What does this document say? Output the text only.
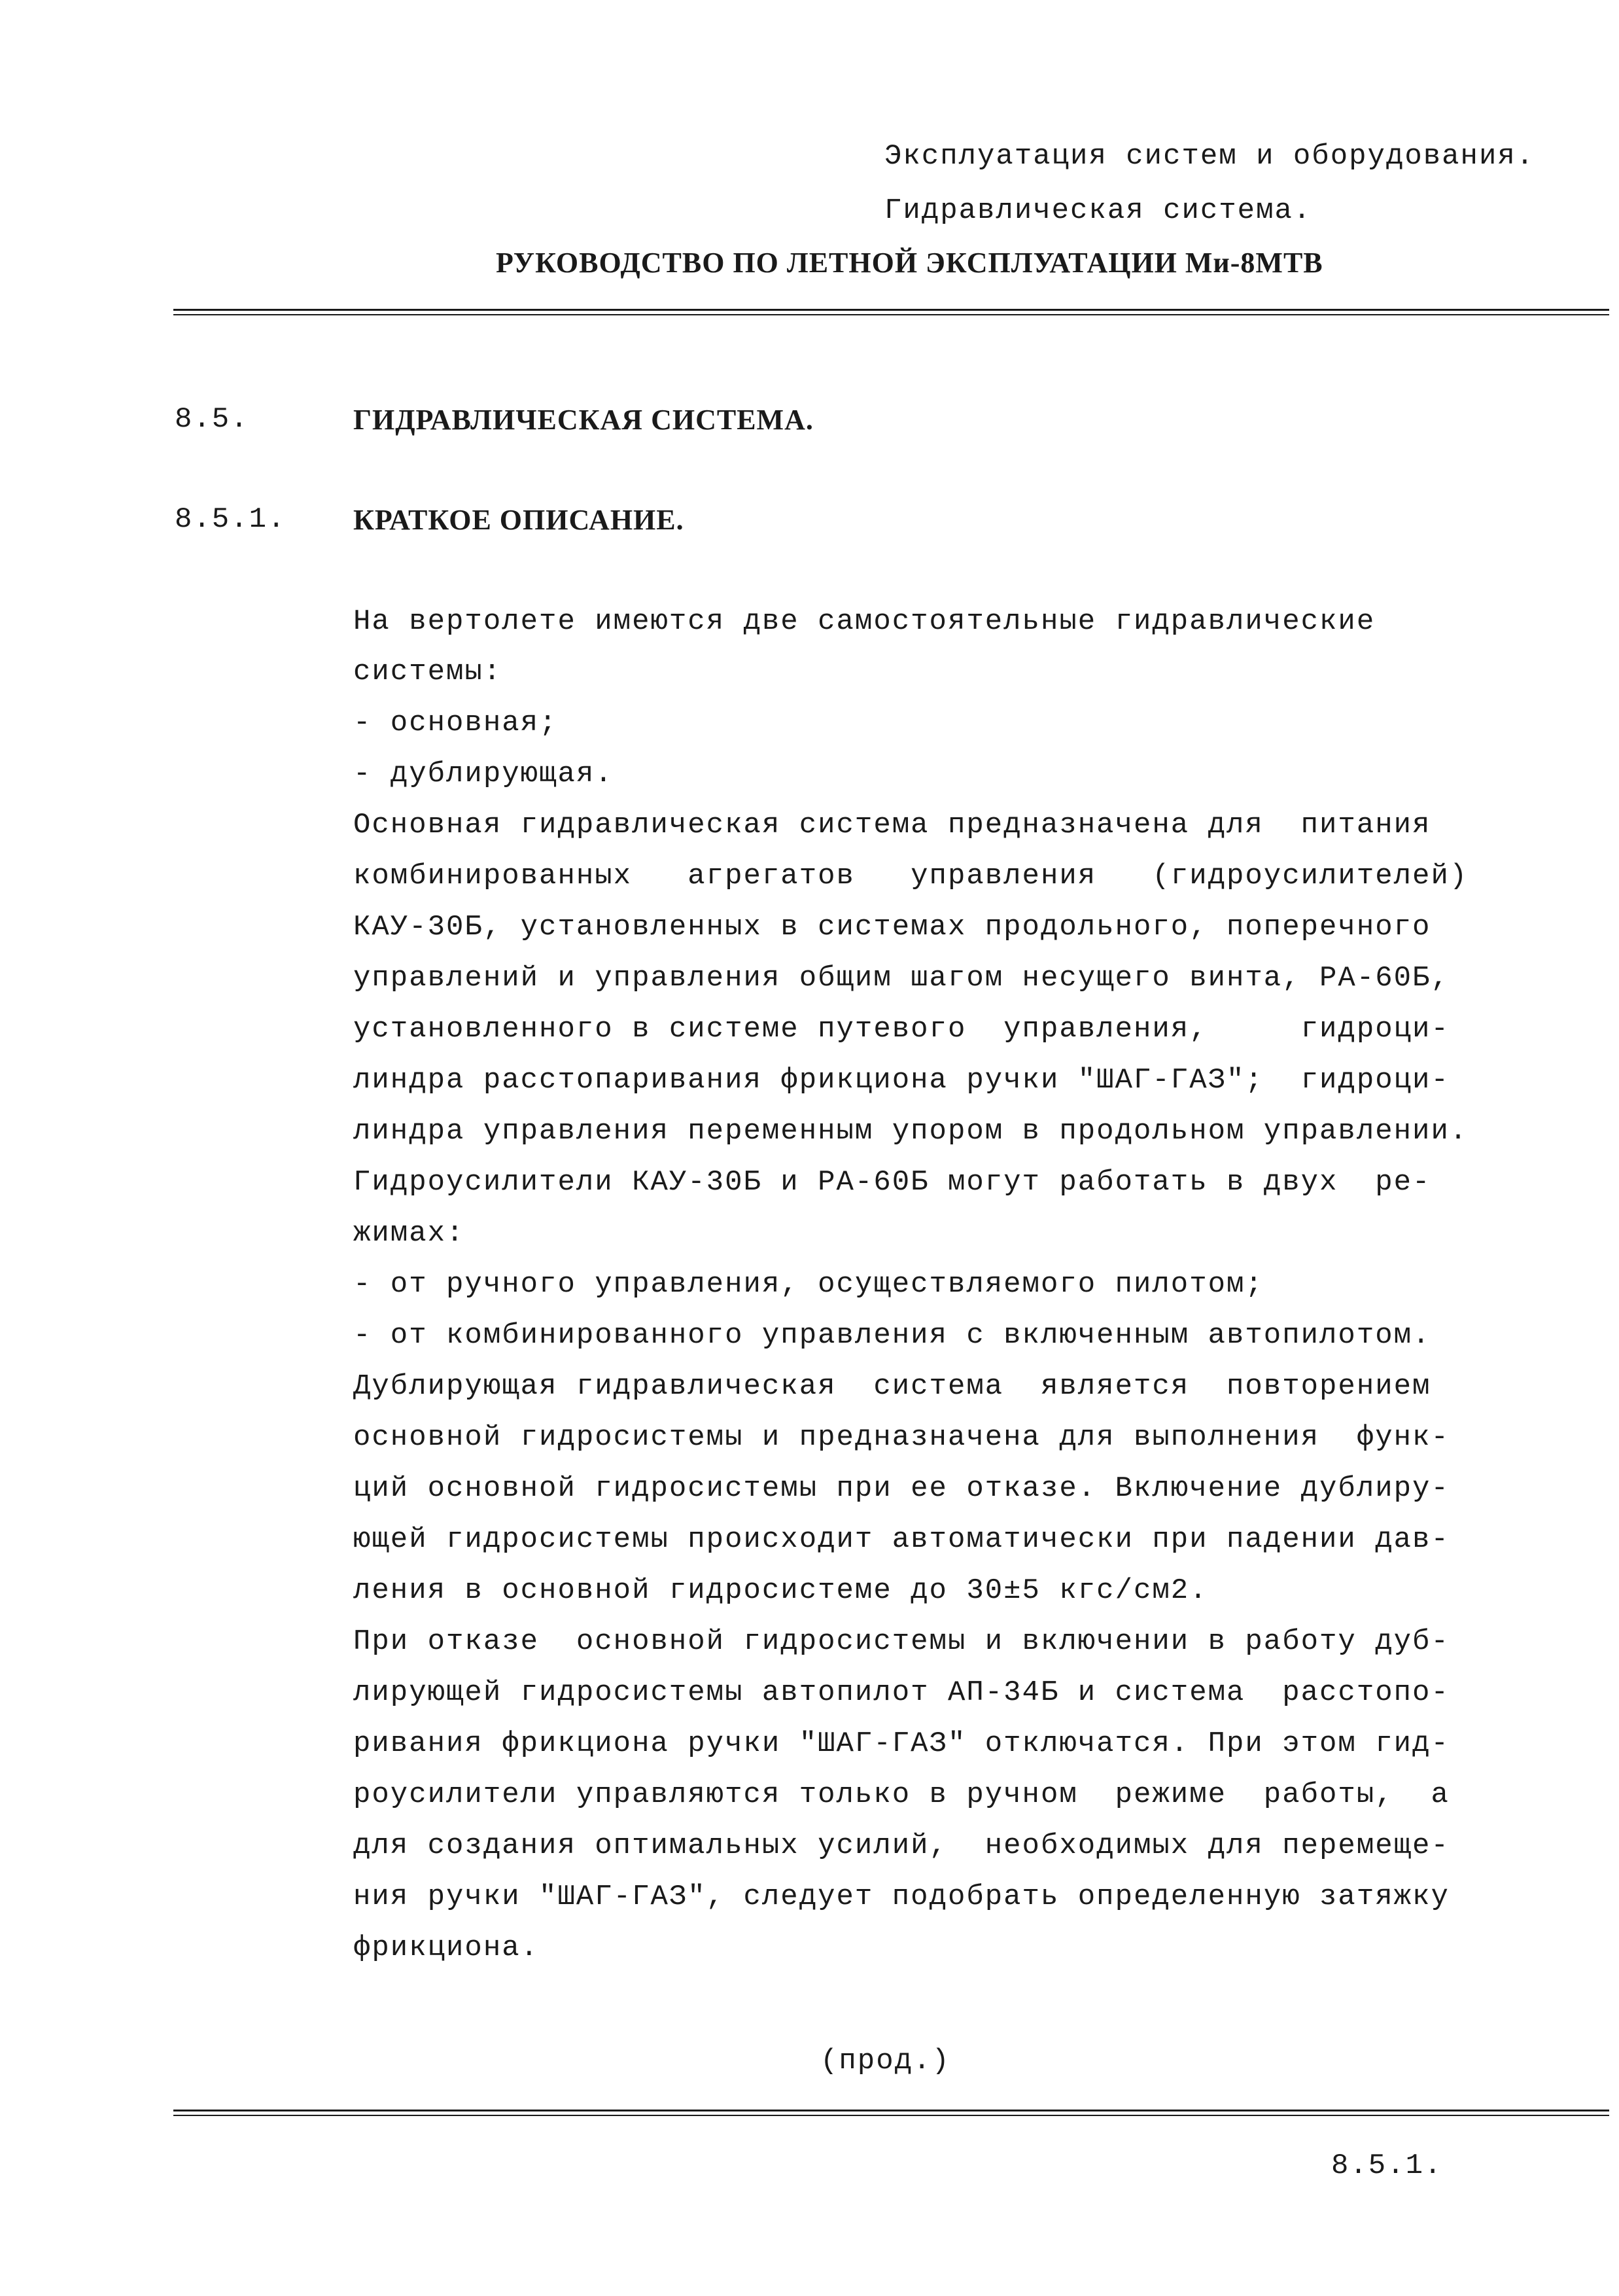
Эксплуатация систем и оборудования.
Гидравлическая система.
РУКОВОДСТВО ПО ЛЕТНОЙ ЭКСПЛУАТАЦИИ Ми-8МТВ
8.5.	ГИДРАВЛИЧЕСКАЯ СИСТЕМА.
8.5.1. КРАТКОЕ ОПИСАНИЕ.
На вертолете имеются две самостоятельные гидравлические
системы:
- основная;
- дублирующая.
Основная гидравлическая система предназначена для  питания
комбинированных   агрегатов   управления   (гидроусилителей)
КАУ-30Б, установленных в системах продольного, поперечного
управлений и управления общим шагом несущего винта, РА-60Б,
установленного в системе путевого  управления,     гидроци-
линдра расстопаривания фрикциона ручки "ШАГ-ГАЗ";  гидроци-
линдра управления переменным упором в продольном управлении.
Гидроусилители КАУ-30Б и РА-60Б могут работать в двух  ре-
жимах:
- от ручного управления, осуществляемого пилотом;
- от комбинированного управления с включенным автопилотом.
Дублирующая гидравлическая  система  является  повторением
основной гидросистемы и предназначена для выполнения  функ-
ций основной гидросистемы при ее отказе. Включение дублиру-
ющей гидросистемы происходит автоматически при падении дав-
ления в основной гидросистеме до 30±5 кгс/см2.
При отказе  основной гидросистемы и включении в работу дуб-
лирующей гидросистемы автопилот АП-34Б и система  расстопо-
ривания фрикциона ручки "ШАГ-ГАЗ" отключатся. При этом гид-
роусилители управляются только в ручном  режиме  работы,  а
для создания оптимальных усилий,  необходимых для перемеще-
ния ручки "ШАГ-ГАЗ", следует подобрать определенную затяжку
фрикциона.
(прод.)
8.5.1.
